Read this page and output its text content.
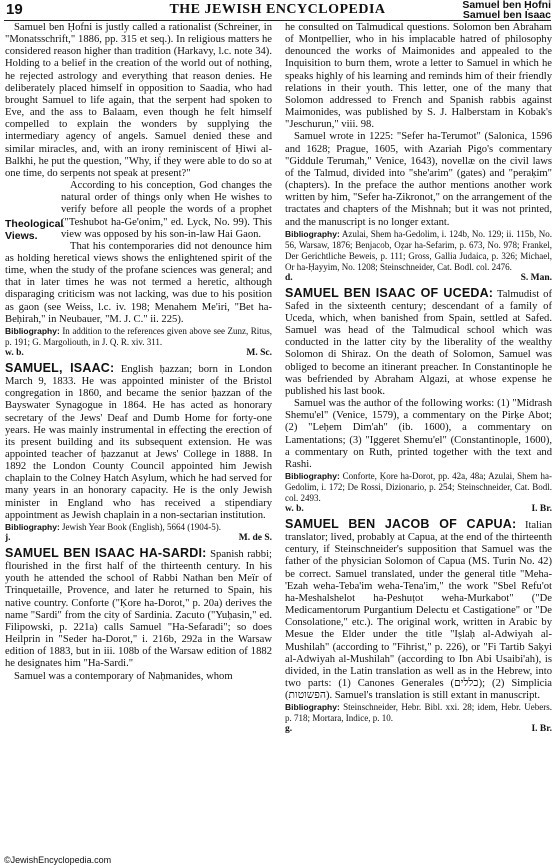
19	THE JEWISH ENCYCLOPEDIA	Samuel ben Ḥofni
Samuel ben Isaac

Samuel ben Ḥofni is justly called a rationalist (Schreiner, in "Monatsschrift," 1886, pp. 315 et seq.). In religious matters he considered reason higher than tradition (Harkavy, l.c. note 34). Holding to a belief in the creation of the world out of nothing, he rejected astrology and everything that reason denies. He deliberately placed himself in opposition to Saadia, who had brought Samuel to life again, that the serpent had spoken to Eve, and the ass to Balaam, even though he felt himself compelled to explain the wonders by supplying the intermediary agency of angels. Samuel denied these and similar miracles, and, with an irony reminiscent of Ḥiwi al-Balkhi, he put the question, "Why, if they were able to do so at one time, do serpents not speak at present?"

Theological Views.

According to his conception, God changes the natural order of things only when He wishes to verify before all people the words of a prophet ("Teshubot ha-Ge'onim," ed. Lyck, No. 99). This view was opposed by his son-in-law Hai Gaon.

That his contemporaries did not denounce him as holding heretical views shows the enlightened spirit of the time, when the study of the profane sciences was general; and that in later times he was not termed a heretic, although disparaging criticism was not lacking, was due to his position as gaon (see Weiss, l.c. iv. 198; Menahem Me'iri, "Bet ha-Beḥirah," in Neubauer, "M. J. C." ii. 225).

Bibliography: In addition to the references given above see Zunz, Ritus, p. 191; G. Margoliouth, in J. Q. R. xiv. 311.

w. b.	M. Sc.

SAMUEL, ISAAC: English ḥazzan; born in London March 9, 1833. He was appointed minister of the Bristol congregation in 1860, and became the senior ḥazzan of the Bayswater Synagogue in 1864. He has acted as honorary secretary of the Jews' Deaf and Dumb Home for forty-one years. He was mainly instrumental in effecting the erection of its present building and its subsequent extension. He was appointed teacher of ḥazzanut at Jews' College in 1888. In 1892 the London County Council appointed him Jewish chaplain to the Colney Hatch Asylum, which he had served for many years in an honorary capacity. He is the only Jewish minister in England who has received a stipendiary appointment as Jewish chaplain in a non-sectarian institution.

Bibliography: Jewish Year Book (English), 5664 (1904-5).

j.	M. de S.

SAMUEL BEN ISAAC HA-SARDI: Spanish rabbi; flourished in the first half of the thirteenth century. In his youth he attended the school of Rabbi Nathan ben Meïr of Trinquetaille, Provence, and later he returned to Spain, his native country. Conforte ("Ḳore ha-Dorot," p. 20a) derives the name "Sardi" from the city of Sardinia. Zacuto ("Yuḥasin," ed. Filipowski, p. 221a) calls Samuel "Ha-Sefaradi"; so does Heilprin in "Seder ha-Dorot," i. 216b, 292a in the Warsaw edition of 1883, but in iii. 108b of the Warsaw edition of 1882 he designates him "Ha-Sardi."

Samuel was a contemporary of Naḥmanides, whom

he consulted on Talmudical questions. Solomon ben Abraham of Montpellier, who in his implacable hatred of philosophy denounced the works of Maimonides and appealed to the Inquisition to burn them, wrote a letter to Samuel in which he speaks highly of his learning and reminds him of their friendly relations in their youth. This letter, one of the many that Solomon addressed to French and Spanish rabbis against Maimonides, was published by S. J. Halberstam in Kobak's "Jeschurun," viii. 98.

Samuel wrote in 1225: "Sefer ha-Terumot" (Salonica, 1596 and 1628; Prague, 1605, with Azariah Pigo's commentary "Giddule Terumah," Venice, 1643), novellæ on the civil laws of the Talmud, divided into "she'arim" (gates) and "peraḳim" (chapters). In the preface the author mentions another work written by him, "Sefer ha-Zikronot," on the arrangement of the tractates and chapters of the Mishnah; but it was not printed, and the manuscript is no longer extant.

Bibliography: Azulai, Shem ha-Gedolim, i. 124b, No. 129; ii. 115b, No. 56, Warsaw, 1876; Benjacob, Oẓar ha-Sefarim, p. 673, No. 978; Frankel, Der Gerichtliche Beweis, p. 111; Gross, Gallia Judaica, p. 326; Michael, Or ha-Ḥayyim, No. 1208; Steinschneider, Cat. Bodl. col. 2476.

d.	S. Man.

SAMUEL BEN ISAAC OF UCEDA: Talmudist of Safed in the sixteenth century; descendant of a family of Uceda, which, when banished from Spain, settled at Safed. Samuel was head of the Talmudical school which was conducted in the latter city by the liberality of the wealthy Solomon di Shiraz. On the death of Solomon, Samuel was obliged to become an itinerant preacher. In Constantinople he was befriended by Abraham Algazi, at whose expense he published his last book.

Samuel was the author of the following works: (1) "Midrash Shemu'el" (Venice, 1579), a commentary on the Pirḳe Abot; (2) "Leḥem Dim'ah" (ib. 1600), a commentary on Lamentations; (3) "Iggeret Shemu'el" (Constantinople, 1600), a commentary on Ruth, printed together with the text and Rashi.

Bibliography: Conforte, Ḳore ha-Dorot, pp. 42a, 48a; Azulai, Shem ha-Gedolim, i. 172; De Rossi, Dizionario, p. 254; Steinschneider, Cat. Bodl. col. 2493.

w. b.	I. Br.

SAMUEL BEN JACOB OF CAPUA: Italian translator; lived, probably at Capua, at the end of the thirteenth century, if Steinschneider's supposition that Samuel was the father of the physician Solomon of Capua (MS. Turin No. 42) be correct. Samuel translated, under the general title "Meha-'Ezah weha-Teba'im weha-Tena'im," the work "Sbel Refu'ot ha-Meshalshelot ha-Peshuṭot weha-Murkabot" ("De Medicamentorum Purgantium Delectu et Castigatione" or "De Consolatione," etc.). The original work, written in Arabic by Mesue the Elder under the title "Iṣlaḥ al-Adwiyah al-Mushilah" (according to "Fihrist," p. 226), or "Fi Tartib Saḳyi al-Adwiyah al-Mushilah" (according to Ibn Abi Usaibi'ah), is divided, in the Latin translation as well as in the Hebrew, into two parts: (1) Canones Generales (כללים); (2) Simplicia (הפשוטות). Samuel's translation is still extant in manuscript.

Bibliography: Steinschneider, Hebr. Bibl. xxi. 28; idem, Hebr. Uebers. p. 718; Mortara, Indice, p. 10.

g.	I. Br.
©JewishEncyclopedia.com
